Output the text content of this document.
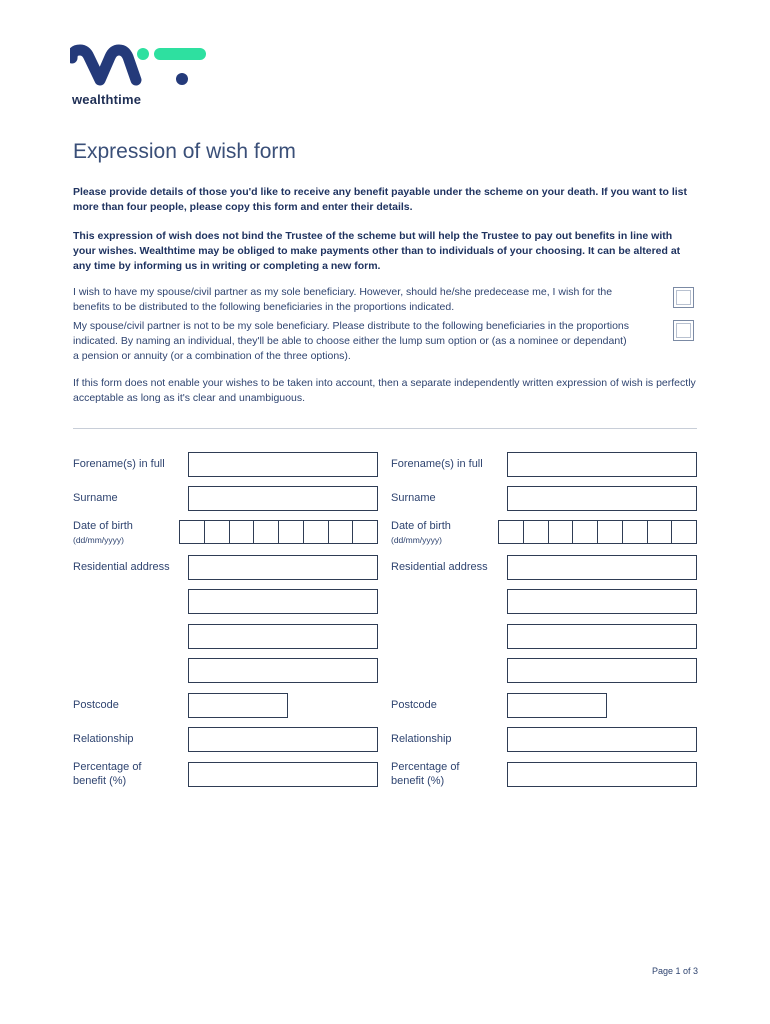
wealthtime
Expression of wish form

Please provide details of those you'd like to receive any benefit payable under the scheme on your death. If you want to list more than four people, please copy this form and enter their details.

This expression of wish does not bind the Trustee of the scheme but will help the Trustee to pay out benefits in line with your wishes. Wealthtime may be obliged to make payments other than to individuals of your choosing. It can be altered at any time by informing us in writing or completing a new form.

I wish to have my spouse/civil partner as my sole beneficiary. However, should he/she predecease me, I wish for the benefits to be distributed to the following beneficiaries in the proportions indicated.

My spouse/civil partner is not to be my sole beneficiary. Please distribute to the following beneficiaries in the proportions indicated. By naming an individual, they'll be able to choose either the lump sum option or (as a nominee or dependant) a pension or annuity (or a combination of the three options).

If this form does not enable your wishes to be taken into account, then a separate independently written expression of wish is perfectly acceptable as long as it's clear and unambiguous.

Forename(s) in full
Surname
Date of birth
(dd/mm/yyyy)
Residential address
Postcode
Relationship
Percentage of
benefit (%)
Forename(s) in full
Surname
Date of birth
(dd/mm/yyyy)
Residential address
Postcode
Relationship
Percentage of
benefit (%)
Page 1 of 3
